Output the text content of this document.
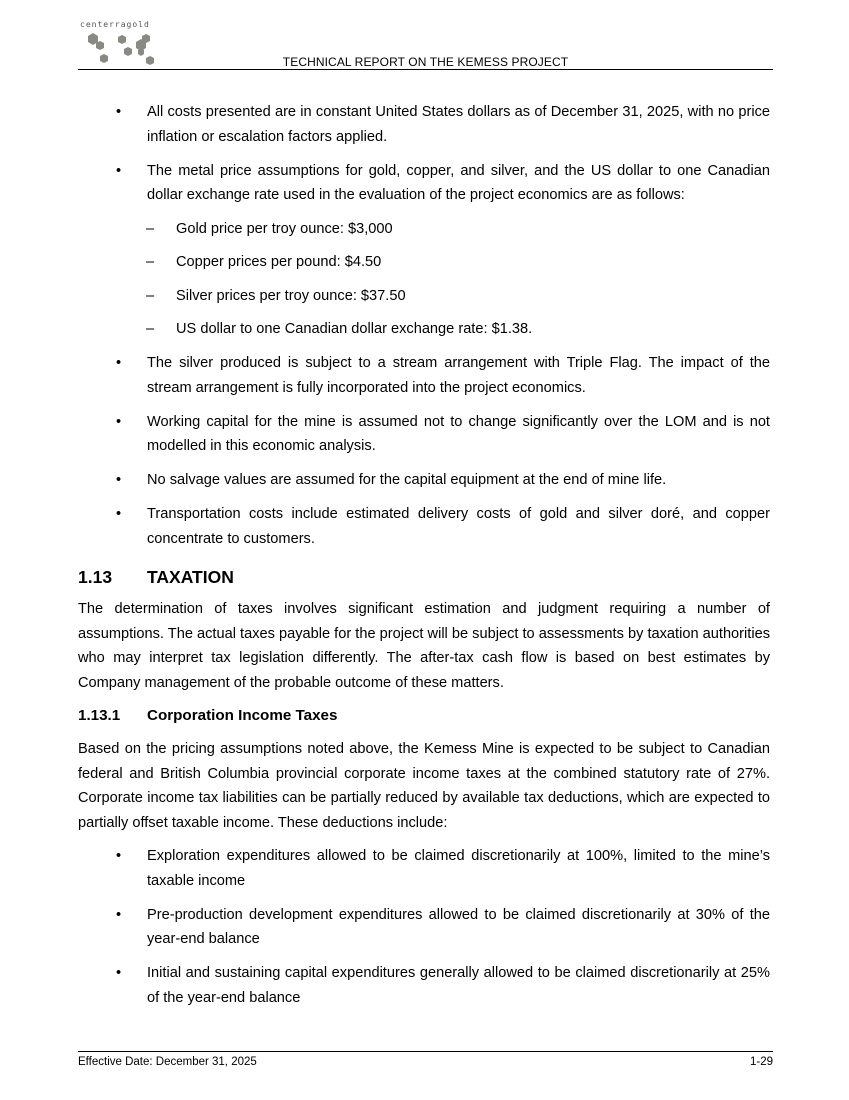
centerragold
TECHNICAL REPORT ON THE KEMESS PROJECT
• All costs presented are in constant United States dollars as of December 31, 2025, with no price inflation or escalation factors applied.
• The metal price assumptions for gold, copper, and silver, and the US dollar to one Canadian dollar exchange rate used in the evaluation of the project economics are as follows:
– Gold price per troy ounce: $3,000
– Copper prices per pound: $4.50
– Silver prices per troy ounce: $37.50
– US dollar to one Canadian dollar exchange rate: $1.38.
• The silver produced is subject to a stream arrangement with Triple Flag. The impact of the stream arrangement is fully incorporated into the project economics.
• Working capital for the mine is assumed not to change significantly over the LOM and is not modelled in this economic analysis.
• No salvage values are assumed for the capital equipment at the end of mine life.
• Transportation costs include estimated delivery costs of gold and silver doré, and copper concentrate to customers.
1.13 TAXATION

The determination of taxes involves significant estimation and judgment requiring a number of assumptions. The actual taxes payable for the project will be subject to assessments by taxation authorities who may interpret tax legislation differently. The after-tax cash flow is based on best estimates by Company management of the probable outcome of these matters.

1.13.1 Corporation Income Taxes

Based on the pricing assumptions noted above, the Kemess Mine is expected to be subject to Canadian federal and British Columbia provincial corporate income taxes at the combined statutory rate of 27%. Corporate income tax liabilities can be partially reduced by available tax deductions, which are expected to partially offset taxable income. These deductions include:

• Exploration expenditures allowed to be claimed discretionarily at 100%, limited to the mine’s taxable income
• Pre-production development expenditures allowed to be claimed discretionarily at 30% of the year-end balance
• Initial and sustaining capital expenditures generally allowed to be claimed discretionarily at 25% of the year-end balance
Effective Date: December 31, 2025	1-29
